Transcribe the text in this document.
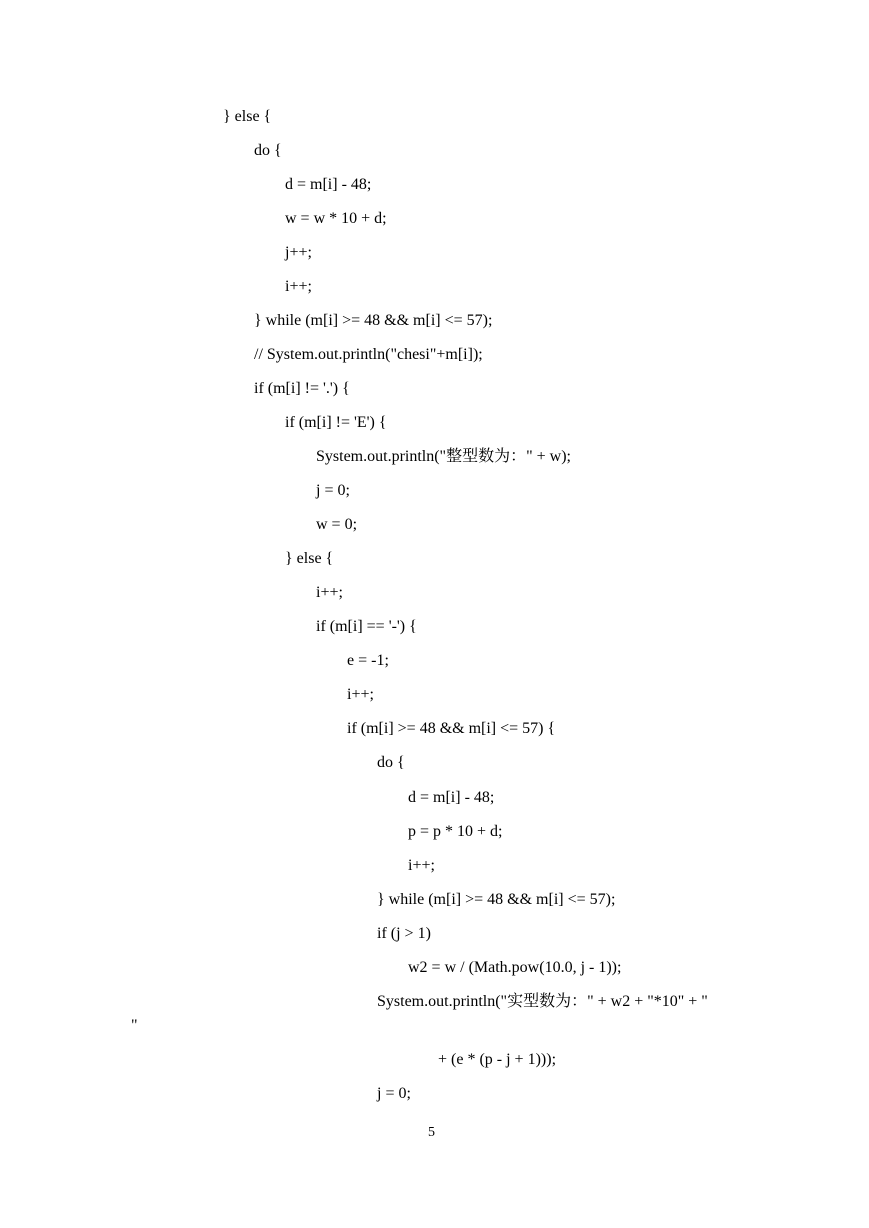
} else {
do {
d = m[i] - 48;
w = w * 10 + d;
j++;
i++;
} while (m[i] >= 48 && m[i] <= 57);
// System.out.println("chesi"+m[i]);
if (m[i] != '.') {
if (m[i] != 'E') {
System.out.println("整型数为：" + w);
j = 0;
w = 0;
} else {
i++;
if (m[i] == '-') {
e = -1;
i++;
if (m[i] >= 48 && m[i] <= 57) {
do {
d = m[i] - 48;
p = p * 10 + d;
i++;
} while (m[i] >= 48 && m[i] <= 57);
if (j > 1)
w2 = w / (Math.pow(10.0, j - 1));
System.out.println("实型数为：" + w2 + "*10" + "
"
+ (e * (p - j + 1)));
j = 0;
5
